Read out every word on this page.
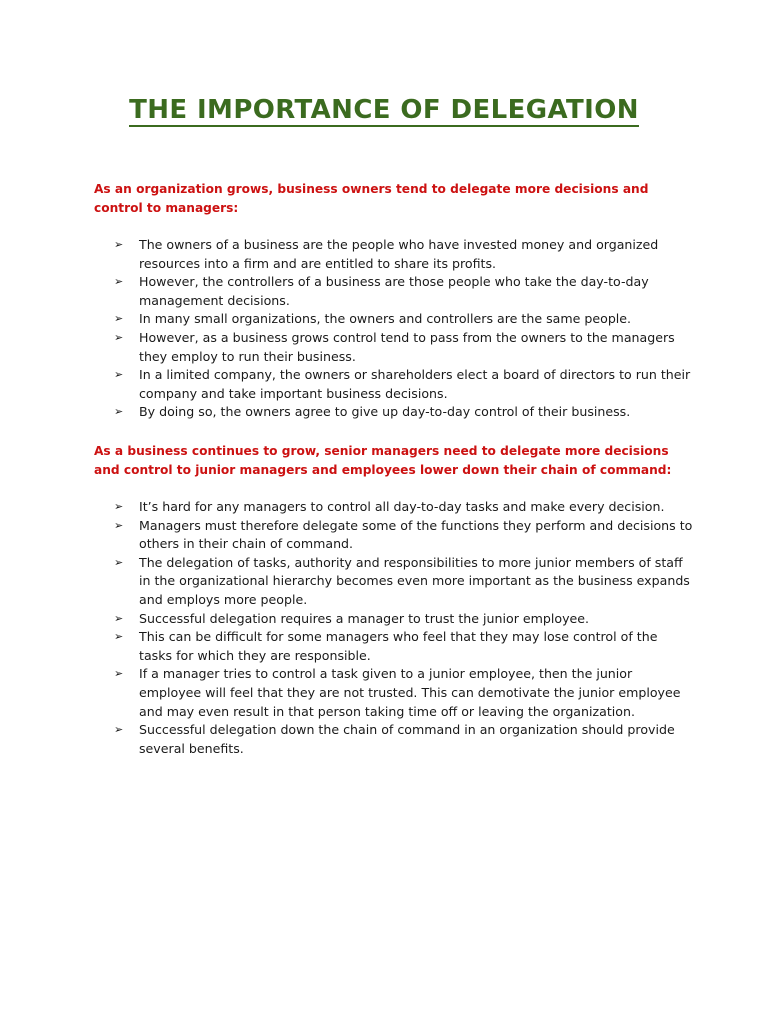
THE IMPORTANCE OF DELEGATION

As an organization grows, business owners tend to delegate more decisions and control to managers:

➢ The owners of a business are the people who have invested money and organized resources into a firm and are entitled to share its profits.
➢ However, the controllers of a business are those people who take the day-to-day management decisions.
➢ In many small organizations, the owners and controllers are the same people.
➢ However, as a business grows control tend to pass from the owners to the managers they employ to run their business.
➢ In a limited company, the owners or shareholders elect a board of directors to run their company and take important business decisions.
➢ By doing so, the owners agree to give up day-to-day control of their business.

As a business continues to grow, senior managers need to delegate more decisions and control to junior managers and employees lower down their chain of command:

➢ It’s hard for any managers to control all day-to-day tasks and make every decision.
➢ Managers must therefore delegate some of the functions they perform and decisions to others in their chain of command.
➢ The delegation of tasks, authority and responsibilities to more junior members of staff in the organizational hierarchy becomes even more important as the business expands and employs more people.
➢ Successful delegation requires a manager to trust the junior employee.
➢ This can be difficult for some managers who feel that they may lose control of the tasks for which they are responsible.
➢ If a manager tries to control a task given to a junior employee, then the junior employee will feel that they are not trusted. This can demotivate the junior employee and may even result in that person taking time off or leaving the organization.
➢ Successful delegation down the chain of command in an organization should provide several benefits.
